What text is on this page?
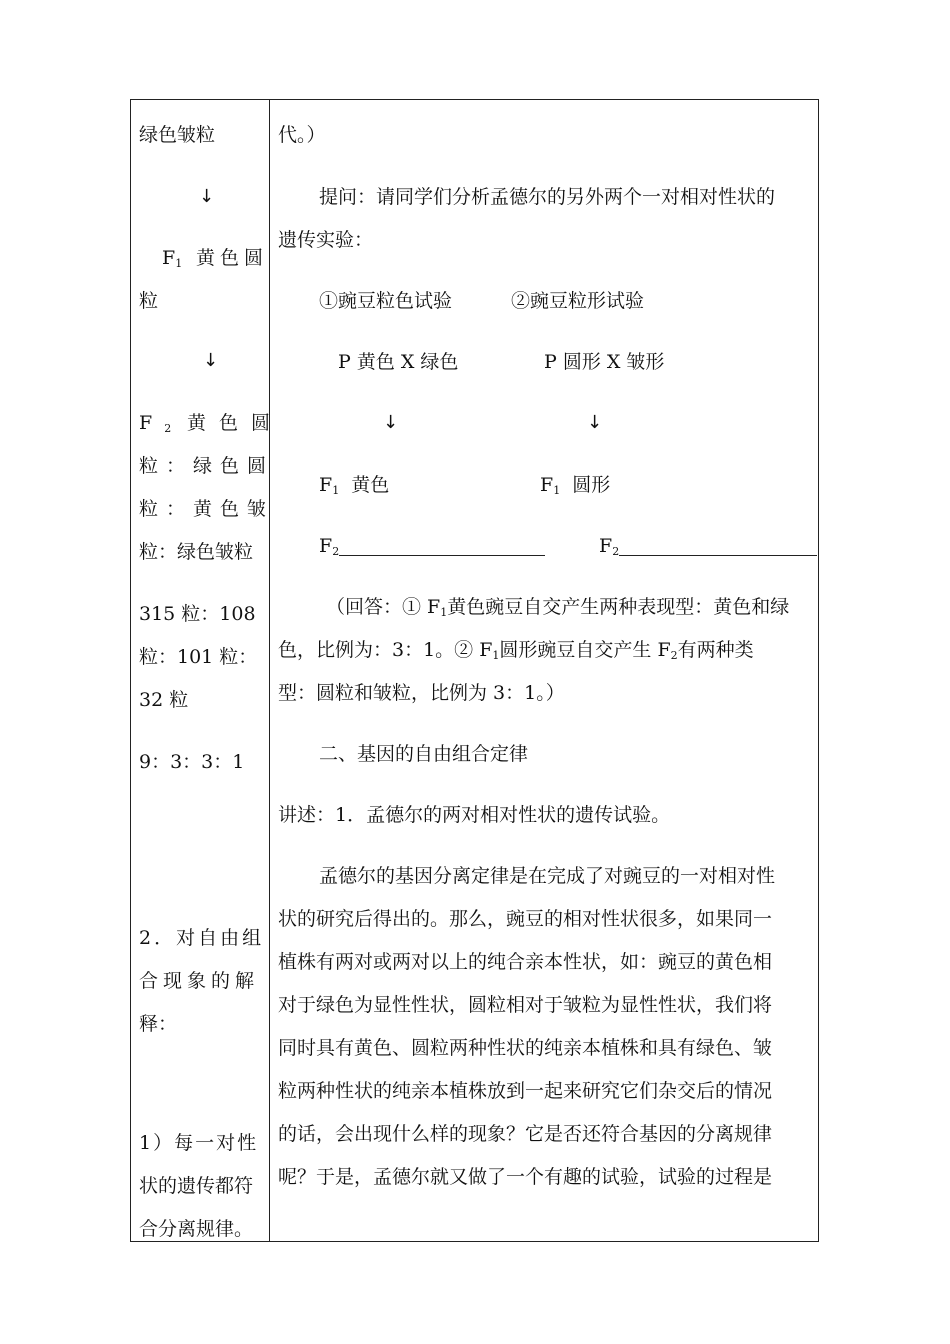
绿色皱粒
↓
$F_1$ 黄色圆
粒
↓
F $_2$ 黄色圆
粒：绿色圆
粒：黄色皱
粒：绿色皱粒
315 粒：108
粒：101 粒：
32 粒
9：3：3：1
2．对自由组
合现象的解
释：
1）每一对性
状的遗传都符
合分离规律。
代。）
提问：请同学们分析孟德尔的另外两个一对相对性状的
遗传实验：
①豌豆粒色试验	②豌豆粒形试验
P 黄色 X 绿色	P 圆形 X 皱形
↓	↓
$F_1$ 黄色	$F_1$ 圆形
$F_2$	$F_2$
（回答：① $F_1$黄色豌豆自交产生两种表现型：黄色和绿
色，比例为：3：1。② $F_1$圆形豌豆自交产生 $F_2$有两种类
型：圆粒和皱粒，比例为 3：1。）
二、基因的自由组合定律
讲述：1．孟德尔的两对相对性状的遗传试验。
孟德尔的基因分离定律是在完成了对豌豆的一对相对性
状的研究后得出的。那么，豌豆的相对性状很多，如果同一
植株有两对或两对以上的纯合亲本性状，如：豌豆的黄色相
对于绿色为显性性状，圆粒相对于皱粒为显性性状，我们将
同时具有黄色、圆粒两种性状的纯亲本植株和具有绿色、皱
粒两种性状的纯亲本植株放到一起来研究它们杂交后的情况
的话，会出现什么样的现象？它是否还符合基因的分离规律
呢？于是，孟德尔就又做了一个有趣的试验，试验的过程是
